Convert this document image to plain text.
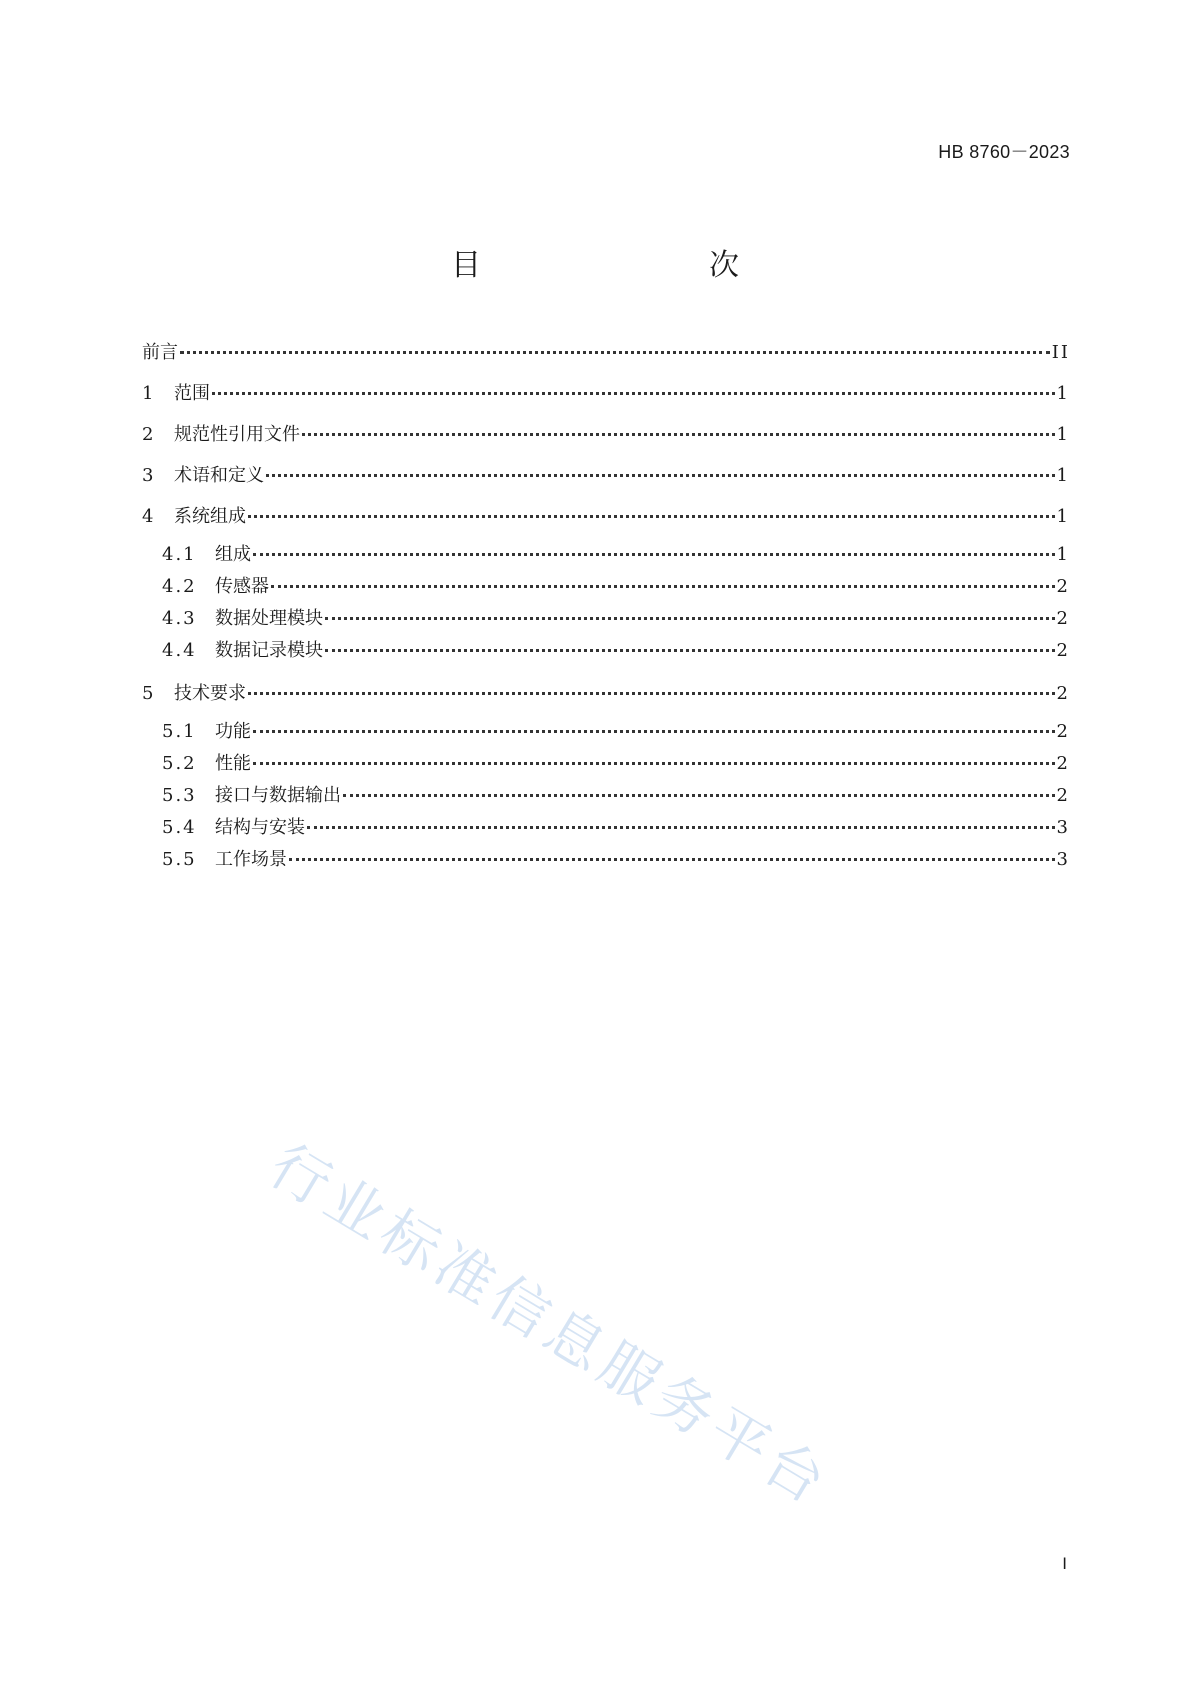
HB 8760－2023
目　　次
前言	II
1	范围	1
2	规范性引用文件	1
3	术语和定义	1
4	系统组成	1
4.1	组成	1
4.2	传感器	2
4.3	数据处理模块	2
4.4	数据记录模块	2
5	技术要求	2
5.1	功能	2
5.2	性能	2
5.3	接口与数据输出	2
5.4	结构与安装	3
5.5	工作场景	3
行业标准信息服务平台
I
